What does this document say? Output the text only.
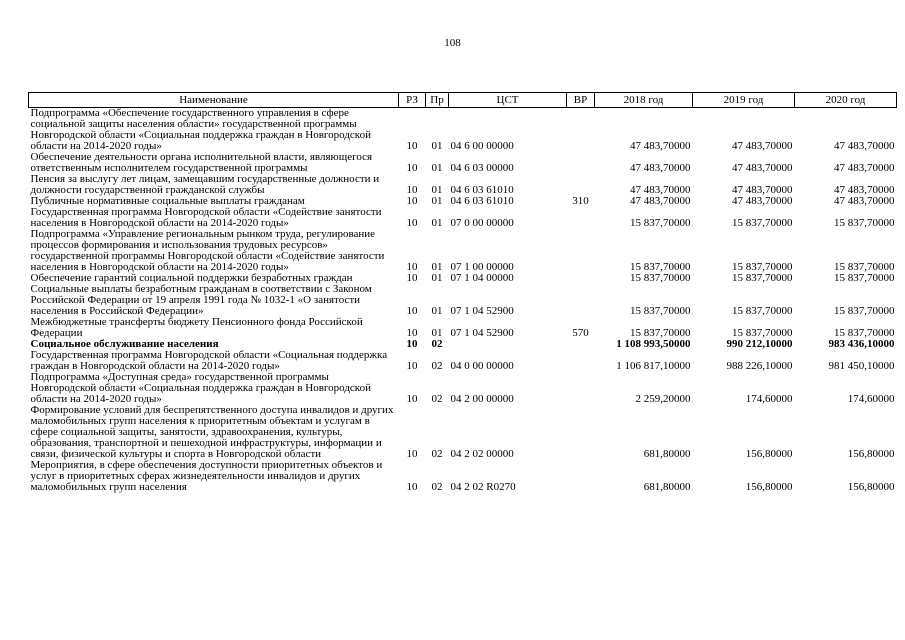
108
Наименование	РЗ	Пр	ЦСТ	ВР	2018 год	2019 год	2020 год
Подпрограмма «Обеспечение государственного управления в сфере социальной защиты населения области» государственной программы Новгородской области «Социальная поддержка граждан в Новгородской области на 2014-2020 годы»	10	01	04 6 00 00000		47 483,70000	47 483,70000	47 483,70000
Обеспечение деятельности органа исполнительной власти, являющегося ответственным исполнителем государственной программы	10	01	04 6 03 00000		47 483,70000	47 483,70000	47 483,70000
Пенсия за выслугу лет лицам, замещавшим государственные должности и должности государственной гражданской службы	10	01	04 6 03 61010		47 483,70000	47 483,70000	47 483,70000
Публичные нормативные социальные выплаты гражданам	10	01	04 6 03 61010	310	47 483,70000	47 483,70000	47 483,70000
Государственная программа Новгородской области «Содействие занятости населения в Новгородской области на 2014-2020 годы»	10	01	07 0 00 00000		15 837,70000	15 837,70000	15 837,70000
Подпрограмма «Управление региональным рынком труда, регулирование процессов формирования и использования трудовых ресурсов» государственной программы Новгородской области «Содействие занятости населения в Новгородской области на 2014-2020 годы»	10	01	07 1 00 00000		15 837,70000	15 837,70000	15 837,70000
Обеспечение гарантий социальной поддержки безработных граждан	10	01	07 1 04 00000		15 837,70000	15 837,70000	15 837,70000
Социальные выплаты безработным гражданам в соответствии с Законом Российской Федерации от 19 апреля 1991 года № 1032-1 «О занятости населения в Российской Федерации»	10	01	07 1 04 52900		15 837,70000	15 837,70000	15 837,70000
Межбюджетные трансферты бюджету Пенсионного фонда Российской Федерации	10	01	07 1 04 52900	570	15 837,70000	15 837,70000	15 837,70000
Социальное обслуживание населения	10	02			1 108 993,50000	990 212,10000	983 436,10000
Государственная программа Новгородской области «Социальная поддержка граждан в Новгородской области на 2014-2020 годы»	10	02	04 0 00 00000		1 106 817,10000	988 226,10000	981 450,10000
Подпрограмма «Доступная среда» государственной программы Новгородской области «Социальная поддержка граждан в Новгородской области на 2014-2020 годы»	10	02	04 2 00 00000		2 259,20000	174,60000	174,60000
Формирование условий для беспрепятственного доступа инвалидов и других маломобильных групп населения к приоритетным объектам и услугам в сфере социальной защиты, занятости, здравоохранения, культуры, образования, транспортной и пешеходной инфраструктуры, информации и связи, физической культуры и спорта в Новгородской области	10	02	04 2 02 00000		681,80000	156,80000	156,80000
Мероприятия, в сфере обеспечения доступности приоритетных объектов и услуг в приоритетных сферах жизнедеятельности инвалидов и других маломобильных групп населения	10	02	04 2 02 R0270		681,80000	156,80000	156,80000
